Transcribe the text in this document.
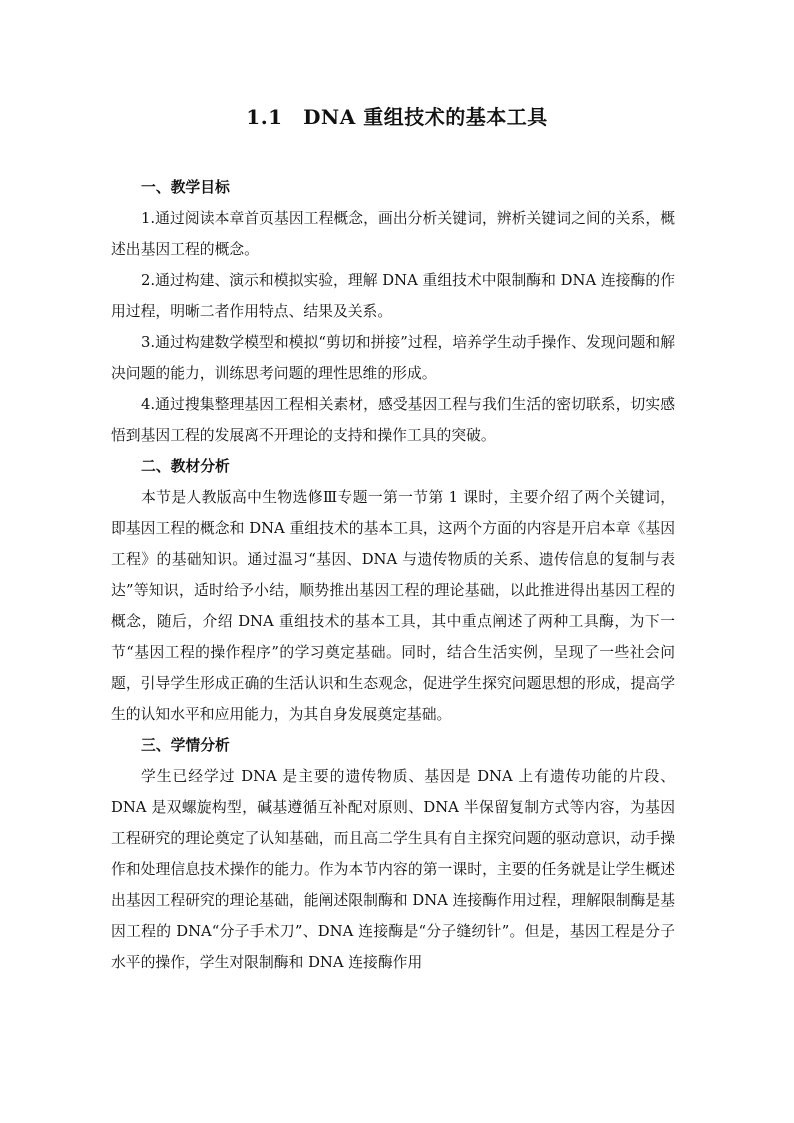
1.1　DNA 重组技术的基本工具

一、教学目标

1.通过阅读本章首页基因工程概念，画出分析关键词，辨析关键词之间的关系，概述出基因工程的概念。

2.通过构建、演示和模拟实验，理解 DNA 重组技术中限制酶和 DNA 连接酶的作用过程，明晰二者作用特点、结果及关系。

3.通过构建数学模型和模拟“剪切和拼接”过程，培养学生动手操作、发现问题和解决问题的能力，训练思考问题的理性思维的形成。

4.通过搜集整理基因工程相关素材，感受基因工程与我们生活的密切联系，切实感悟到基因工程的发展离不开理论的支持和操作工具的突破。

二、教材分析

本节是人教版高中生物选修Ⅲ专题一第一节第 1 课时，主要介绍了两个关键词，即基因工程的概念和 DNA 重组技术的基本工具，这两个方面的内容是开启本章《基因工程》的基础知识。通过温习“基因、DNA 与遗传物质的关系、遗传信息的复制与表达”等知识，适时给予小结，顺势推出基因工程的理论基础，以此推进得出基因工程的概念，随后，介绍 DNA 重组技术的基本工具，其中重点阐述了两种工具酶，为下一节“基因工程的操作程序”的学习奠定基础。同时，结合生活实例，呈现了一些社会问题，引导学生形成正确的生活认识和生态观念，促进学生探究问题思想的形成，提高学生的认知水平和应用能力，为其自身发展奠定基础。

三、学情分析

学生已经学过 DNA 是主要的遗传物质、基因是 DNA 上有遗传功能的片段、DNA 是双螺旋构型，碱基遵循互补配对原则、DNA 半保留复制方式等内容，为基因工程研究的理论奠定了认知基础，而且高二学生具有自主探究问题的驱动意识，动手操作和处理信息技术操作的能力。作为本节内容的第一课时，主要的任务就是让学生概述出基因工程研究的理论基础，能阐述限制酶和 DNA 连接酶作用过程，理解限制酶是基因工程的 DNA“分子手术刀”、DNA 连接酶是“分子缝纫针”。但是，基因工程是分子水平的操作，学生对限制酶和 DNA 连接酶作用
